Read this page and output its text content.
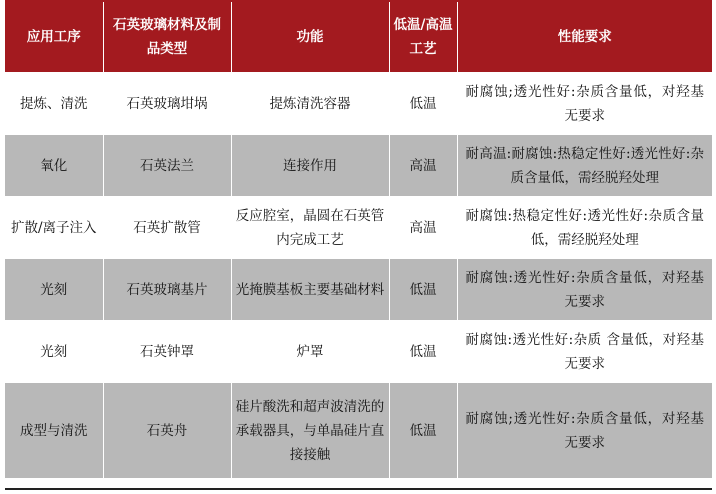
应用工序	石英玻璃材料及制品类型	功能	低温/高温工艺	性能要求
提炼、清洗	石英玻璃坩埚	提炼清洗容器	低温	耐腐蚀;透光性好:杂质含量低，对羟基无要求
氧化	石英法兰	连接作用	高温	耐高温:耐腐蚀:热稳定性好:透光性好:杂质含量低，需经脱羟处理
扩散/离子注入	石英扩散管	反应腔室，晶圆在石英管内完成工艺	高温	耐腐蚀:热稳定性好:透光性好:杂质含量低，需经脱羟处理
光刻	石英玻璃基片	光掩膜基板主要基础材料	低温	耐腐蚀:透光性好:杂质含量低，对羟基无要求
光刻	石英钟罩	炉罩	低温	耐腐蚀:透光性好:杂质 含量低，对羟基无要求
成型与清洗	石英舟	硅片酸洗和超声波清洗的承载器具，与单晶硅片直接接触	低温	耐腐蚀;透光性好:杂质含量低，对羟基无要求
